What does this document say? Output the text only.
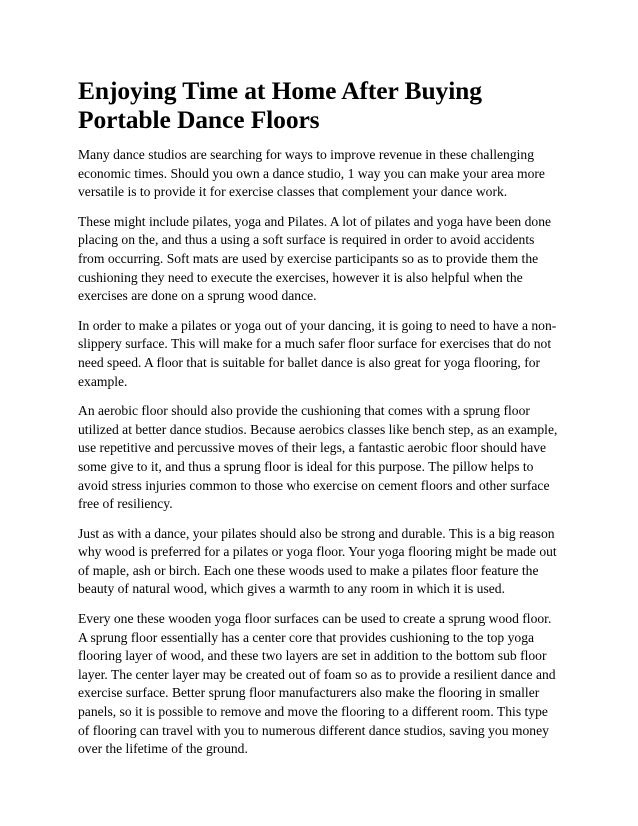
Enjoying Time at Home After Buying Portable Dance Floors

Many dance studios are searching for ways to improve revenue in these challenging economic times. Should you own a dance studio, 1 way you can make your area more versatile is to provide it for exercise classes that complement your dance work.

These might include pilates, yoga and Pilates. A lot of pilates and yoga have been done placing on the, and thus a using a soft surface is required in order to avoid accidents from occurring. Soft mats are used by exercise participants so as to provide them the cushioning they need to execute the exercises, however it is also helpful when the exercises are done on a sprung wood dance.

In order to make a pilates or yoga out of your dancing, it is going to need to have a non-slippery surface. This will make for a much safer floor surface for exercises that do not need speed. A floor that is suitable for ballet dance is also great for yoga flooring, for example.

An aerobic floor should also provide the cushioning that comes with a sprung floor utilized at better dance studios. Because aerobics classes like bench step, as an example, use repetitive and percussive moves of their legs, a fantastic aerobic floor should have some give to it, and thus a sprung floor is ideal for this purpose. The pillow helps to avoid stress injuries common to those who exercise on cement floors and other surface free of resiliency.

Just as with a dance, your pilates should also be strong and durable. This is a big reason why wood is preferred for a pilates or yoga floor. Your yoga flooring might be made out of maple, ash or birch. Each one these woods used to make a pilates floor feature the beauty of natural wood, which gives a warmth to any room in which it is used.

Every one these wooden yoga floor surfaces can be used to create a sprung wood floor. A sprung floor essentially has a center core that provides cushioning to the top yoga flooring layer of wood, and these two layers are set in addition to the bottom sub floor layer. The center layer may be created out of foam so as to provide a resilient dance and exercise surface. Better sprung floor manufacturers also make the flooring in smaller panels, so it is possible to remove and move the flooring to a different room. This type of flooring can travel with you to numerous different dance studios, saving you money over the lifetime of the ground.
